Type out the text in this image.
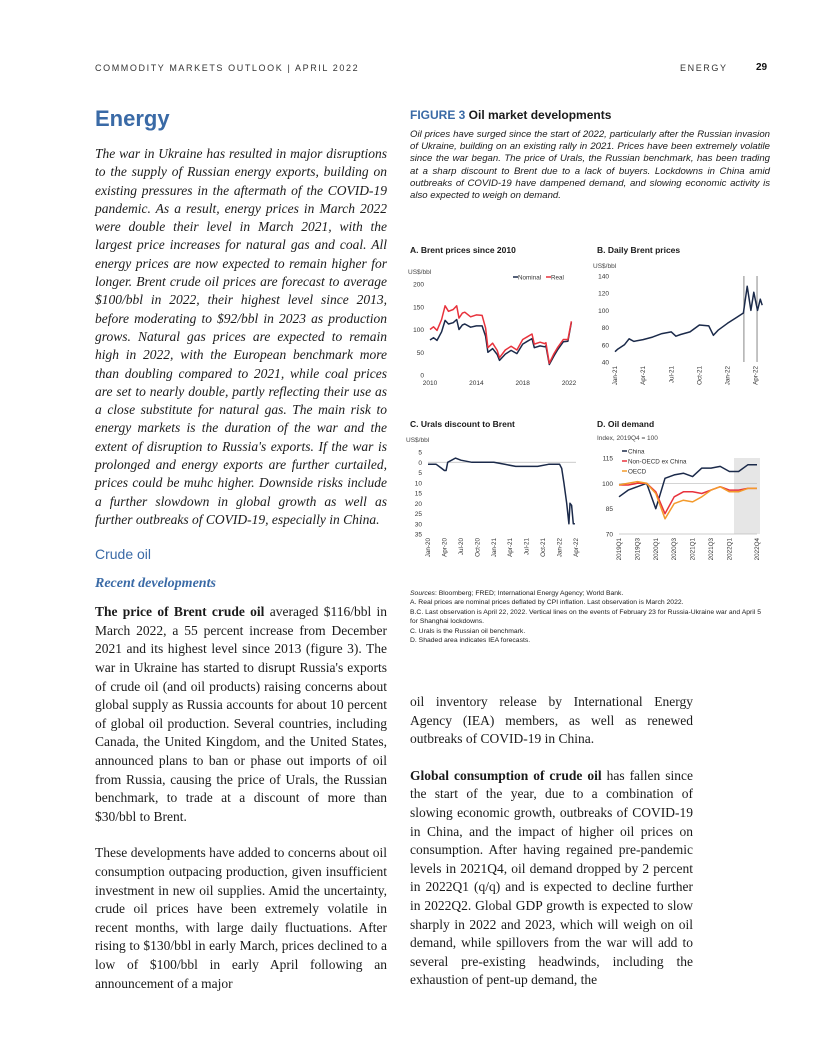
COMMODITY MARKETS OUTLOOK | APRIL 2022	ENERGY	29
Energy
The war in Ukraine has resulted in major disruptions to the supply of Russian energy exports, building on existing pressures in the aftermath of the COVID-19 pandemic. As a result, energy prices in March 2022 were double their level in March 2021, with the largest price increases for natural gas and coal. All energy prices are now expected to remain higher for longer. Brent crude oil prices are forecast to average $100/bbl in 2022, their highest level since 2013, before moderating to $92/bbl in 2023 as production grows. Natural gas prices are expected to remain high in 2022, with the European benchmark more than doubling compared to 2021, while coal prices are set to nearly double, partly reflecting their use as a close substitute for natural gas. The main risk to energy markets is the duration of the war and the extent of disruption to Russia's exports. If the war is prolonged and energy exports are further curtailed, prices could be muhc higher. Downside risks include a further slowdown in global growth as well as further outbreaks of COVID-19, especially in China.
Crude oil
Recent developments

The price of Brent crude oil averaged $116/bbl in March 2022, a 55 percent increase from December 2021 and its highest level since 2013 (figure 3). The war in Ukraine has started to disrupt Russia's exports of crude oil (and oil products) raising concerns about global supply as Russia accounts for about 10 percent of global oil production. Several countries, including Canada, the United Kingdom, and the United States, announced plans to ban or phase out imports of oil from Russia, causing the price of Urals, the Russian benchmark, to trade at a discount of more than $30/bbl to Brent.

These developments have added to concerns about oil consumption outpacing production, given insufficient investment in new oil supplies. Amid the uncertainty, crude oil prices have been extremely volatile in recent months, with large daily fluctuations. After rising to $130/bbl in early March, prices declined to a low of $100/bbl in early April following an announcement of a major

oil inventory release by International Energy Agency (IEA) members, as well as renewed outbreaks of COVID-19 in China.

Global consumption of crude oil has fallen since the start of the year, due to a combination of slowing economic growth, outbreaks of COVID-19 in China, and the impact of higher oil prices on consumption. After having regained pre-pandemic levels in 2021Q4, oil demand dropped by 2 percent in 2022Q1 (q/q) and is expected to decline further in 2022Q2. Global GDP growth is expected to slow sharply in 2022 and 2023, which will weigh on oil demand, while spillovers from the war will add to several pre-existing headwinds, including the exhaustion of pent-up demand, the

FIGURE 3 Oil market developments
Oil prices have surged since the start of 2022, particularly after the Russian invasion of Ukraine, building on an existing rally in 2021. Prices have been extremely volatile since the war began. The price of Urals, the Russian benchmark, has been trading at a sharp discount to Brent due to a lack of buyers. Lockdowns in China amid outbreaks of COVID-19 have dampened demand, and slowing economic activity is also expected to weigh on demand.
A. Brent prices since 2010	B. Daily Brent prices
C. Urals discount to Brent	D. Oil demand
US$/bbl
0
50
100
150
200
2010	2014	2018	2022
Nominal Real
US$/bbl
40
60
80
100
120
140
Jan-21	Apr-21	Jul-21	Oct-21	Jan-22	Apr-22
US$/bbl
5
0
5
10
15
20
25
30
35
Jan-20 Apr-20 Jul-20 Oct-20 Jan-21 Apr-21 Jul-21 Oct-21 Jan-22 Apr-22
Index, 2019Q4 = 100
70
85
100
115
2019Q1 2019Q3 2020Q1 2020Q3 2021Q1 2021Q3 2022Q1	2022Q4
China
Non-OECD ex China
OECD
Sources: Bloomberg; FRED; International Energy Agency; World Bank.
A. Real prices are nominal prices deflated by CPI inflation. Last observation is March 2022.
B.C. Last observation is April 22, 2022. Vertical lines on the events of February 23 for Russia-Ukraine war and April 5 for Shanghai lockdowns.
C. Urals is the Russian oil benchmark.
D. Shaded area indicates IEA forecasts.
